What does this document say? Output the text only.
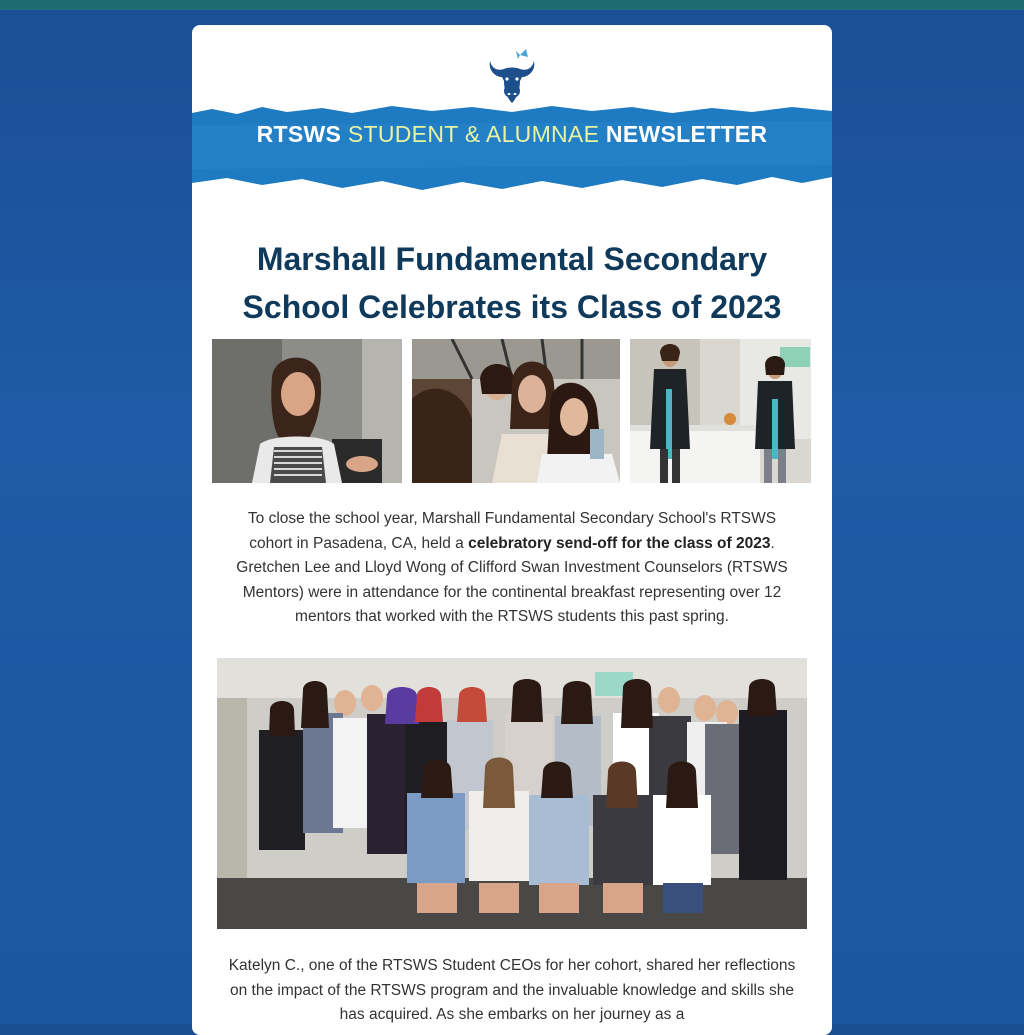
RTSWS STUDENT & ALUMNAE NEWSLETTER
Marshall Fundamental Secondary School Celebrates its Class of 2023
To close the school year, Marshall Fundamental Secondary School's RTSWS cohort in Pasadena, CA, held a celebratory send-off for the class of 2023. Gretchen Lee and Lloyd Wong of Clifford Swan Investment Counselors (RTSWS Mentors) were in attendance for the continental breakfast representing over 12 mentors that worked with the RTSWS students this past spring.
Katelyn C., one of the RTSWS Student CEOs for her cohort, shared her reflections on the impact of the RTSWS program and the invaluable knowledge and skills she has acquired. As she embarks on her journey as a
